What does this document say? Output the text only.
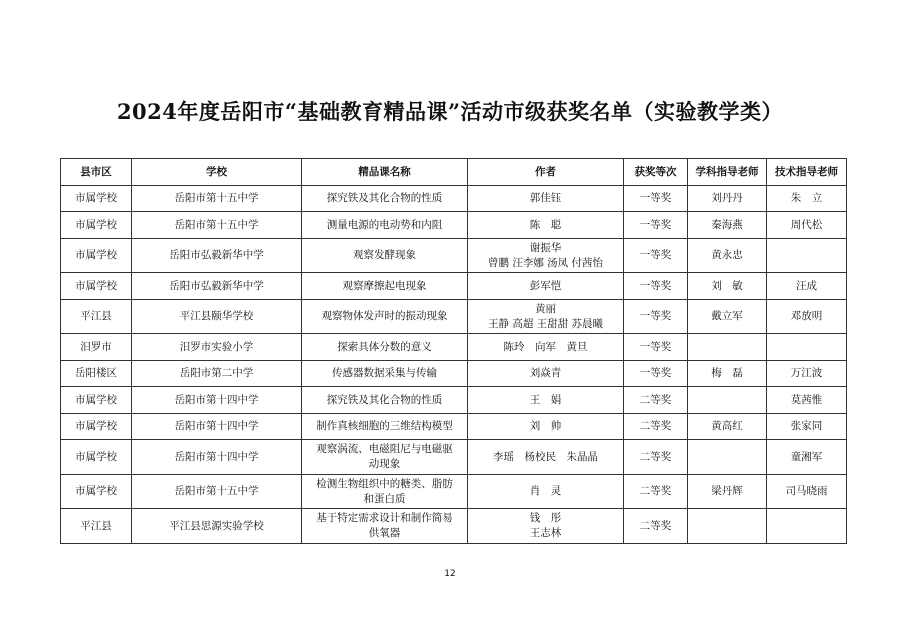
2024年度岳阳市“基础教育精品课”活动市级获奖名单（实验教学类）
县市区	学校	精品课名称	作者	获奖等次	学科指导老师	技术指导老师
市属学校	岳阳市第十五中学	探究铁及其化合物的性质	郭佳钰	一等奖	刘丹丹	朱　立
市属学校	岳阳市第十五中学	测量电源的电动势和内阻	陈　聪	一等奖	秦海燕	周代松
市属学校	岳阳市弘毅新华中学	观察发酵现象	谢振华
曾鹏 汪李娜 汤凤 付茜怡	一等奖	黄永忠	
市属学校	岳阳市弘毅新华中学	观察摩擦起电现象	彭军恺	一等奖	刘　敏	汪成
平江县	平江县颐华学校	观察物体发声时的振动现象	黄丽
王静 高超 王甜甜 苏晨曦	一等奖	戴立军	邓放明
汨罗市	汨罗市实验小学	探索具体分数的意义	陈玲　向军　黄旦	一等奖		
岳阳楼区	岳阳市第二中学	传感器数据采集与传输	刘焱青	一等奖	梅　磊	万江波
市属学校	岳阳市第十四中学	探究铁及其化合物的性质	王　娟	二等奖		莫茜惟
市属学校	岳阳市第十四中学	制作真核细胞的三维结构模型	刘　帅	二等奖	黄高红	张家同
市属学校	岳阳市第十四中学	观察涡流、电磁阻尼与电磁驱
动现象	李瑶　杨校民　朱晶晶	二等奖		童湘军
市属学校	岳阳市第十五中学	检测生物组织中的糖类、脂肪
和蛋白质	肖　灵	二等奖	梁丹辉	司马晓雨
平江县	平江县思源实验学校	基于特定需求设计和制作简易
供氧器	钱　彤
王志林	二等奖		
12
